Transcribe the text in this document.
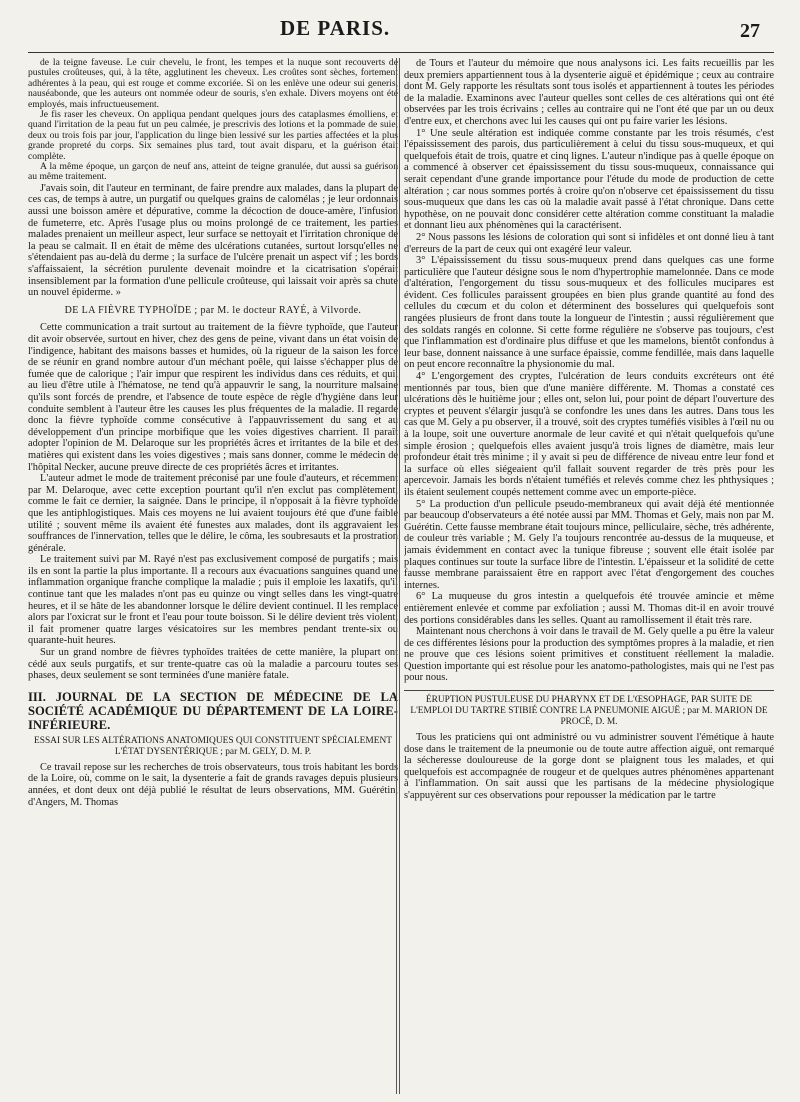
DE PARIS.	27

de la teigne faveuse. Le cuir chevelu, le front, les tempes et la nuque sont recouverts de pustules croûteuses, qui, à la tête, agglutinent les cheveux. Les croûtes sont sèches, fortement adhérentes à la peau, qui est rouge et comme excoriée. Si on les enlève une odeur sui generis, nauséabonde, que les auteurs ont nommée odeur de souris, s'en exhale. Divers moyens ont été employés, mais infructueusement.

Je fis raser les cheveux. On appliqua pendant quelques jours des cataplasmes émolliens, et quand l'irritation de la peau fut un peu calmée, je prescrivis des lotions et la pommade de suie, deux ou trois fois par jour, l'application du linge bien lessivé sur les parties affectées et la plus grande propreté du corps. Six semaines plus tard, tout avait disparu, et la guérison était complète.

A la même époque, un garçon de neuf ans, atteint de teigne granulée, dut aussi sa guérison au même traitement.

J'avais soin, dit l'auteur en terminant, de faire prendre aux malades, dans la plupart de ces cas, de temps à autre, un purgatif ou quelques grains de calomélas ; je leur ordonnais aussi une boisson amère et dépurative, comme la décoction de douce-amère, l'infusion de fumeterre, etc. Après l'usage plus ou moins prolongé de ce traitement, les parties malades prenaient un meilleur aspect, leur surface se nettoyait et l'irritation chronique de la peau se calmait. Il en était de même des ulcérations cutanées, surtout lorsqu'elles ne s'étendaient pas au-delà du derme ; la surface de l'ulcère prenait un aspect vif ; les bords s'affaissaient, la sécrétion purulente devenait moindre et la cicatrisation s'opérait insensiblement par la formation d'une pellicule croûteuse, qui laissait voir après sa chute un nouvel épiderme. »

DE LA FIÈVRE TYPHOÏDE ; par M. le docteur RAYÉ, à Vilvorde.

Cette communication a trait surtout au traitement de la fièvre typhoïde, que l'auteur dit avoir observée, surtout en hiver, chez des gens de peine, vivant dans un état voisin de l'indigence, habitant des maisons basses et humides, où la rigueur de la saison les force de se réunir en grand nombre autour d'un méchant poêle, qui laisse s'échapper plus de fumée que de calorique ; l'air impur que respirent les individus dans ces réduits, et qui, au lieu d'être utile à l'hématose, ne tend qu'à appauvrir le sang, la nourriture malsaine qu'ils sont forcés de prendre, et l'absence de toute espèce de règle d'hygiène dans leur conduite semblent à l'auteur être les causes les plus fréquentes de la maladie. Il regarde donc la fièvre typhoïde comme consécutive à l'appauvrissement du sang et au développement d'un principe morbifique que les voies digestives charrient. Il paraît adopter l'opinion de M. Delaroque sur les propriétés âcres et irritantes de la bile et des matières qui existent dans les voies digestives ; mais sans donner, comme le médecin de l'hôpital Necker, aucune preuve directe de ces propriétés âcres et irritantes.

L'auteur admet le mode de traitement préconisé par une foule d'auteurs, et récemment par M. Delaroque, avec cette exception pourtant qu'il n'en exclut pas complètement, comme le fait ce dernier, la saignée. Dans le principe, il n'opposait à la fièvre typhoïde que les antiphlogistiques. Mais ces moyens ne lui avaient toujours été que d'une faible utilité ; souvent même ils avaient été funestes aux malades, dont ils aggravaient les souffrances de l'innervation, telles que le délire, le côma, les soubresauts et la prostration générale.

Le traitement suivi par M. Rayé n'est pas exclusivement composé de purgatifs ; mais ils en sont la partie la plus importante. Il a recours aux évacuations sanguines quand une inflammation organique franche complique la maladie ; puis il emploie les laxatifs, qu'il continue tant que les malades n'ont pas eu quinze ou vingt selles dans les vingt-quatre heures, et il se hâte de les abandonner lorsque le délire devient continuel. Il les remplace alors par l'oxicrat sur le front et l'eau pour toute boisson. Si le délire devient très violent, il fait promener quatre larges vésicatoires sur les membres pendant trente-six ou quarante-huit heures.

Sur un grand nombre de fièvres typhoïdes traitées de cette manière, la plupart ont cédé aux seuls purgatifs, et sur trente-quatre cas où la maladie a parcouru toutes ses phases, deux seulement se sont terminées d'une manière fatale.

III. JOURNAL DE LA SECTION DE MÉDECINE DE LA SOCIÉTÉ ACADÉMIQUE DU DÉPARTEMENT DE LA LOIRE-INFÉRIEURE.
ESSAI SUR LES ALTÉRATIONS ANATOMIQUES QUI CONSTITUENT SPÉCIALEMENT L'ÉTAT DYSENTÉRIQUE ; par M. GELY, D. M. P.

Ce travail repose sur les recherches de trois observateurs, tous trois habitant les bords de la Loire, où, comme on le sait, la dysenterie a fait de grands ravages depuis plusieurs années, et dont deux ont déjà publié le résultat de leurs observations, MM. Guérétin, d'Angers, M. Thomas

de Tours et l'auteur du mémoire que nous analysons ici. Les faits recueillis par les deux premiers appartiennent tous à la dysenterie aiguë et épidémique ; ceux au contraire dont M. Gely rapporte les résultats sont tous isolés et appartiennent à toutes les périodes de la maladie. Examinons avec l'auteur quelles sont celles de ces altérations qui ont été observées par les trois écrivains ; celles au contraire qui ne l'ont été que par un ou deux d'entre eux, et cherchons avec lui les causes qui ont pu faire varier les lésions.

1° Une seule altération est indiquée comme constante par les trois résumés, c'est l'épaississement des parois, dus particulièrement à celui du tissu sous-muqueux, et qui quelquefois était de trois, quatre et cinq lignes. L'auteur n'indique pas à quelle époque on a commencé à observer cet épaississement du tissu sous-muqueux, connaissance qui serait cependant d'une grande importance pour l'étude du mode de production de cette altération ; car nous sommes portés à croire qu'on n'observe cet épaississement du tissu sous-muqueux que dans les cas où la maladie avait passé à l'état chronique. Dans cette hypothèse, on ne pouvait donc considérer cette altération comme constituant la maladie et donnant lieu aux phénomènes qui la caractérisent.

2° Nous passons les lésions de coloration qui sont si infidèles et ont donné lieu à tant d'erreurs de la part de ceux qui ont exagéré leur valeur.

3° L'épaississement du tissu sous-muqueux prend dans quelques cas une forme particulière que l'auteur désigne sous le nom d'hypertrophie mamelonnée. Dans ce mode d'altération, l'engorgement du tissu sous-muqueux et des follicules mucipares est évident. Ces follicules paraissent groupées en bien plus grande quantité au fond des cellules du cœcum et du colon et déterminent des bosselures qui quelquefois sont rangées plusieurs de front dans toute la longueur de l'intestin ; aussi régulièrement que des soldats rangés en colonne. Si cette forme régulière ne s'observe pas toujours, c'est que l'inflammation est d'ordinaire plus diffuse et que les mamelons, bientôt confondus à leur base, donnent naissance à une surface épaissie, comme fendillée, mais dans laquelle on peut encore reconnaître la physionomie du mal.

4° L'engorgement des cryptes, l'ulcération de leurs conduits excréteurs ont été mentionnés par tous, bien que d'une manière différente. M. Thomas a constaté ces ulcérations dès le huitième jour ; elles ont, selon lui, pour point de départ l'ouverture des cryptes et peuvent s'élargir jusqu'à se confondre les unes dans les autres. Dans tous les cas que M. Gely a pu observer, il a trouvé, soit des cryptes tuméfiés visibles à l'œil nu ou à la loupe, soit une ouverture anormale de leur cavité et qui n'était quelquefois qu'une simple érosion ; quelquefois elles avaient jusqu'à trois lignes de diamètre, mais leur profondeur était très minime ; il y avait si peu de différence de niveau entre leur fond et la surface où elles siégeaient qu'il fallait souvent regarder de très près pour les apercevoir. Jamais les bords n'étaient tuméfiés et relevés comme chez les phthysiques ; ils étaient seulement coupés nettement comme avec un emporte-pièce.

5° La production d'un pellicule pseudo-membraneux qui avait déjà été mentionnée par beaucoup d'observateurs a été notée aussi par MM. Thomas et Gely, mais non par M. Guérétin. Cette fausse membrane était toujours mince, pelliculaire, sèche, très adhérente, de couleur très variable ; M. Gely l'a toujours rencontrée au-dessus de la muqueuse, et jamais évidemment en contact avec la tunique fibreuse ; souvent elle était isolée par plaques continues sur toute la surface libre de l'intestin. L'épaisseur et la solidité de cette fausse membrane paraissaient être en rapport avec l'état d'engorgement des couches internes.

6° La muqueuse du gros intestin a quelquefois été trouvée amincie et même entièrement enlevée et comme par exfoliation ; aussi M. Thomas dit-il en avoir trouvé des portions considérables dans les selles. Quant au ramollissement il était très rare.

Maintenant nous cherchons à voir dans le travail de M. Gely quelle a pu être la valeur de ces différentes lésions pour la production des symptômes propres à la maladie, et rien ne prouve que ces lésions soient primitives et constituent réellement la maladie. Question importante qui est résolue pour les anatomo-pathologistes, mais qui ne l'est pas pour nous.

ÉRUPTION PUSTULEUSE DU PHARYNX ET DE L'ŒSOPHAGE, PAR SUITE DE L'EMPLOI DU TARTRE STIBIÉ CONTRE LA PNEUMONIE AIGUË ; par M. MARION DE PROCÉ, D. M.

Tous les praticiens qui ont administré ou vu administrer souvent l'émétique à haute dose dans le traitement de la pneumonie ou de toute autre affection aiguë, ont remarqué la sécheresse douloureuse de la gorge dont se plaignent tous les malades, et qui quelquefois est accompagnée de rougeur et de quelques autres phénomènes appartenant à l'inflammation. On sait aussi que les partisans de la médecine physiologique s'appuyèrent sur ces observations pour repousser la médication par le tartre
